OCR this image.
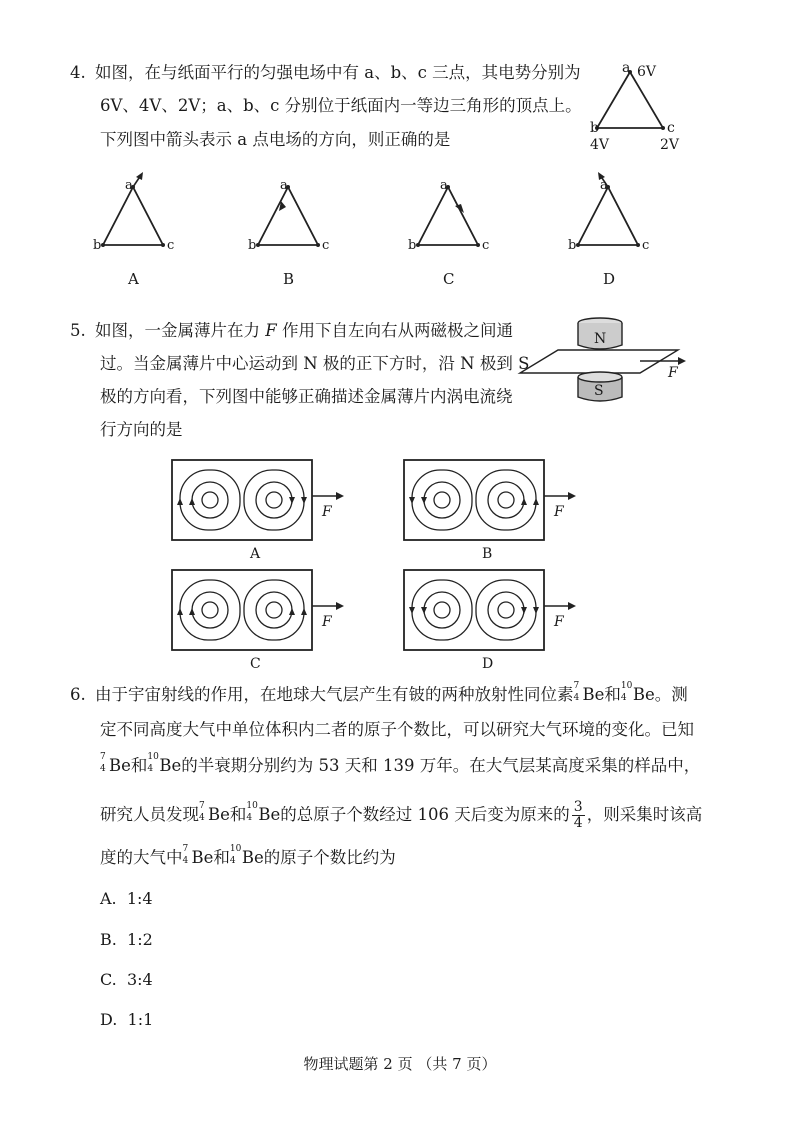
4. 如图，在与纸面平行的匀强电场中有 a、b、c 三点，其电势分别为
6V、4V、2V；a、b、c 分别位于纸面内一等边三角形的顶点上。
下列图中箭头表示 a 点电场的方向，则正确的是
a 6V
b	c
4V	2V
a
b	c
A
a
b	c
B
a
b	c
C
a
b	c
D
5. 如图，一金属薄片在力 F 作用下自左向右从两磁极之间通
过。当金属薄片中心运动到 N 极的正下方时，沿 N 极到 S
极的方向看，下列图中能够正确描述金属薄片内涡电流绕
行方向的是
N
F
S
F
A
F
B
F
C
F
D
6. 由于宇宙射线的作用，在地球大气层产生有铍的两种放射性同位素 7
4 Be和 10
4 Be。测
定不同高度大气中单位体积内二者的原子个数比，可以研究大气环境的变化。已知
7
4 Be和 10
4 Be的半衰期分别约为 53 天和 139 万年。在大气层某高度采集的样品中，
研究人员发现 7
4 Be和 10
4 Be的总原子个数经过 106 天后变为原来的 $\frac{3}{4}$ ，则采集时该高
度的大气中 7
4 Be和 10
4 Be的原子个数比约为
A. 1:4
B. 1:2
C. 3:4
D. 1:1
物理试题第 2 页 （共 7 页）
